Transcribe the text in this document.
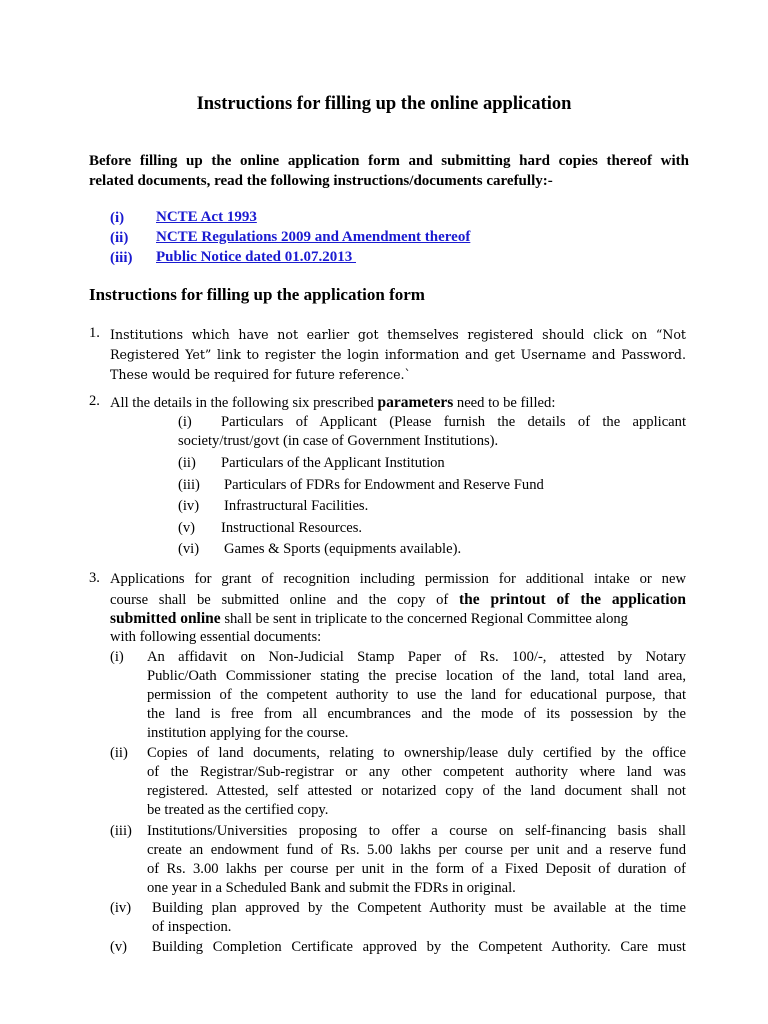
Instructions for filling up the online application
Before filling up the online application form and submitting hard copies thereof with
related documents, read the following instructions/documents carefully:-
(i) NCTE Act 1993
(ii) NCTE Regulations 2009 and Amendment thereof
(iii) Public Notice dated 01.07.2013
Instructions for filling up the application form
1. Institutions which have not earlier got themselves registered should click on “Not
Registered Yet” link to register the login information and get Username and Password.
These would be required for future reference.`
2. All the details in the following six prescribed parameters need to be filled:
(i) Particulars of Applicant (Please furnish the details of the applicant
society/trust/govt (in case of Government Institutions).
(ii) Particulars of the Applicant Institution
(iii) Particulars of FDRs for Endowment and Reserve Fund
(iv) Infrastructural Facilities.
(v) Instructional Resources.
(vi) Games & Sports (equipments available).
3. Applications for grant of recognition including permission for additional intake or new
course shall be submitted online and the copy of the printout of the application
submitted online shall be sent in triplicate to the concerned Regional Committee along
with following essential documents:
(i) An affidavit on Non-Judicial Stamp Paper of Rs. 100/-, attested by Notary
Public/Oath Commissioner stating the precise location of the land, total land area,
permission of the competent authority to use the land for educational purpose, that
the land is free from all encumbrances and the mode of its possession by the
institution applying for the course.
(ii) Copies of land documents, relating to ownership/lease duly certified by the office
of the Registrar/Sub-registrar or any other competent authority where land was
registered. Attested, self attested or notarized copy of the land document shall not
be treated as the certified copy.
(iii) Institutions/Universities proposing to offer a course on self-financing basis shall
create an endowment fund of Rs. 5.00 lakhs per course per unit and a reserve fund
of Rs. 3.00 lakhs per course per unit in the form of a Fixed Deposit of duration of
one year in a Scheduled Bank and submit the FDRs in original.
(iv) Building plan approved by the Competent Authority must be available at the time
of inspection.
(v) Building Completion Certificate approved by the Competent Authority. Care must
